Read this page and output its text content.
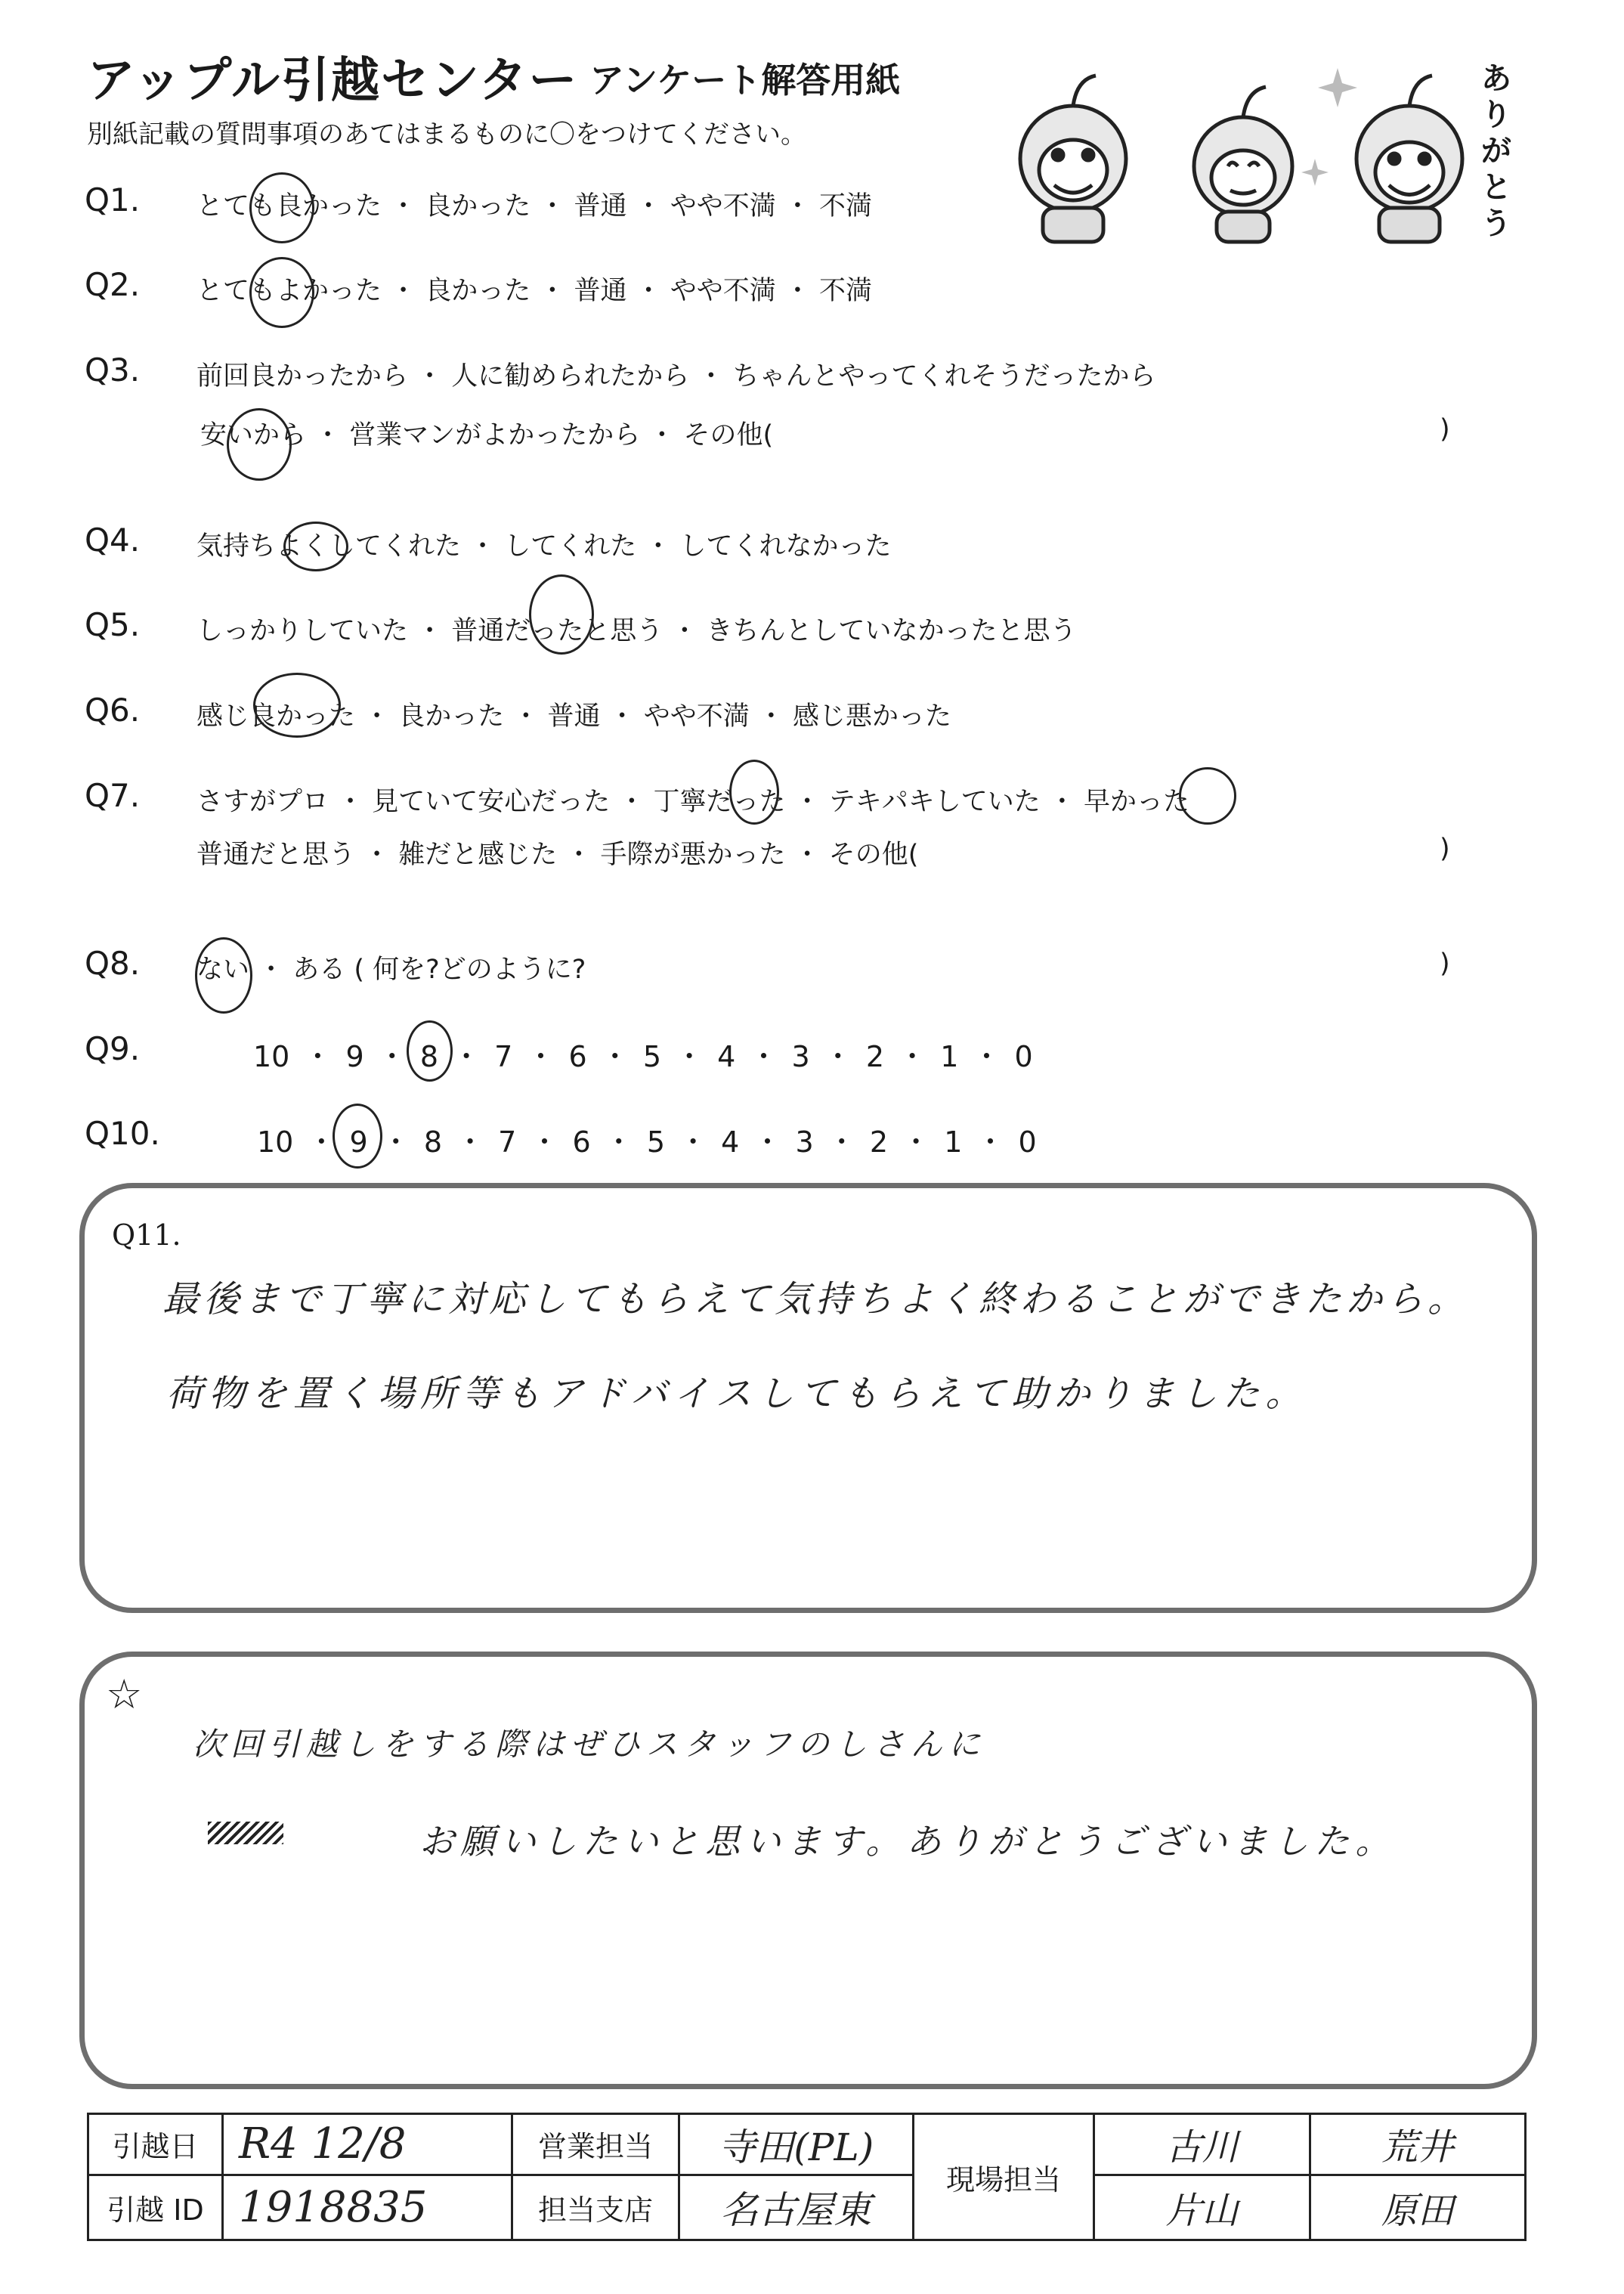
アップル引越センター アンケート解答用紙
別紙記載の質問事項のあてはまるものに〇をつけてください。
ありがとう
Q1. とても良かった ・ 良かった ・ 普通 ・ やや不満 ・ 不満
Q2. とてもよかった ・ 良かった ・ 普通 ・ やや不満 ・ 不満
Q3. 前回良かったから ・ 人に勧められたから ・ ちゃんとやってくれそうだったから
安いから ・ 営業マンがよかったから ・ その他(	)
Q4. 気持ちよくしてくれた ・ してくれた ・ してくれなかった
Q5. しっかりしていた ・ 普通だったと思う ・ きちんとしていなかったと思う
Q6. 感じ良かった ・ 良かった ・ 普通 ・ やや不満 ・ 感じ悪かった
Q7. さすがプロ ・ 見ていて安心だった ・ 丁寧だった ・ テキパキしていた ・ 早かった
普通だと思う ・ 雑だと感じた ・ 手際が悪かった ・ その他(	)
Q8. ない ・ ある ( 何を?どのように?	)
Q9.	10 ・ 9 ・ 8 ・ 7 ・ 6 ・ 5 ・ 4 ・ 3 ・ 2 ・ 1 ・ 0
Q10.	10 ・ 9 ・ 8 ・ 7 ・ 6 ・ 5 ・ 4 ・ 3 ・ 2 ・ 1 ・ 0
Q11.
最後まで丁寧に対応してもらえて気持ちよく終わることができたから。
荷物を置く場所等もアドバイスしてもらえて助かりました。
☆
次回引越しをする際はぜひスタッフのしさんに
お願いしたいと思います。ありがとうございました。
引越日	R4 12/8	営業担当	寺田(PL)	現場担当	古川	荒井
引越 ID	1918835	担当支店	名古屋東		片山	原田
